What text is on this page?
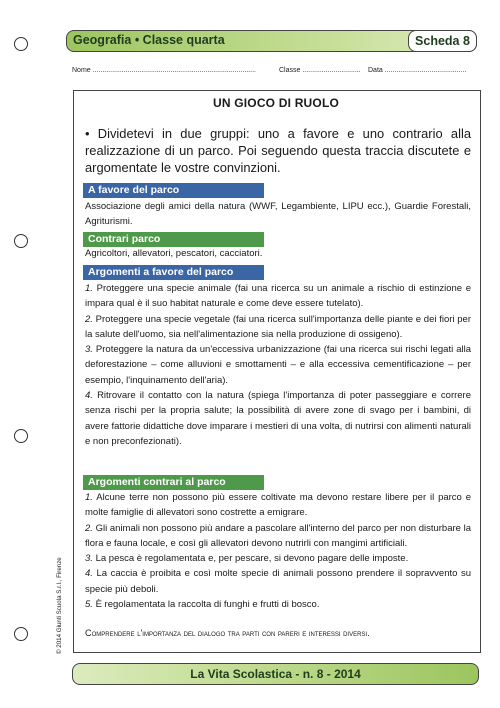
Geografia • Classe quarta	Scheda 8
Nome ....................................................................................	Classe .............................. Data ..........................................
UN GIOCO DI RUOLO
• Dividetevi in due gruppi: uno a favore e uno contrario alla realizzazione di un parco. Poi seguendo questa traccia discutete e argomentate le vostre convinzioni.
A favore del parco
Associazione degli amici della natura (WWF, Legambiente, LIPU ecc.), Guardie Forestali, Agriturismi.
Contrari parco
Agricoltori, allevatori, pescatori, cacciatori.
Argomenti a favore del parco
1. Proteggere una specie animale (fai una ricerca su un animale a rischio di estinzione e impara qual è il suo habitat naturale e come deve essere tutelato).
2. Proteggere una specie vegetale (fai una ricerca sull'importanza delle piante e dei fiori per la salute dell'uomo, sia nell'alimentazione sia nella produzione di ossigeno).
3. Proteggere la natura da un'eccessiva urbanizzazione (fai una ricerca sui rischi legati alla deforestazione – come alluvioni e smottamenti – e alla eccessiva cementificazione – per esempio, l'inquinamento dell'aria).
4. Ritrovare il contatto con la natura (spiega l'importanza di poter passeggiare e correre senza rischi per la propria salute; la possibilità di avere zone di svago per i bambini, di avere fattorie didattiche dove imparare i mestieri di una volta, di nutrirsi con alimenti naturali e non preconfezionati).
Argomenti contrari al parco
1. Alcune terre non possono più essere coltivate ma devono restare libere per il parco e molte famiglie di allevatori sono costrette a emigrare.
2. Gli animali non possono più andare a pascolare all'interno del parco per non disturbare la flora e fauna locale, e così gli allevatori devono nutrirli con mangimi artificiali.
3. La pesca è regolamentata e, per pescare, si devono pagare delle imposte.
4. La caccia è proibita e così molte specie di animali possono prendere il sopravvento su specie più deboli.
5. È regolamentata la raccolta di funghi e frutti di bosco.
Comprendere l'importanza del dialogo tra parti con pareri e interessi diversi.
© 2014 Giunti Scuola S.r.l., Firenze
La Vita Scolastica - n. 8 - 2014
